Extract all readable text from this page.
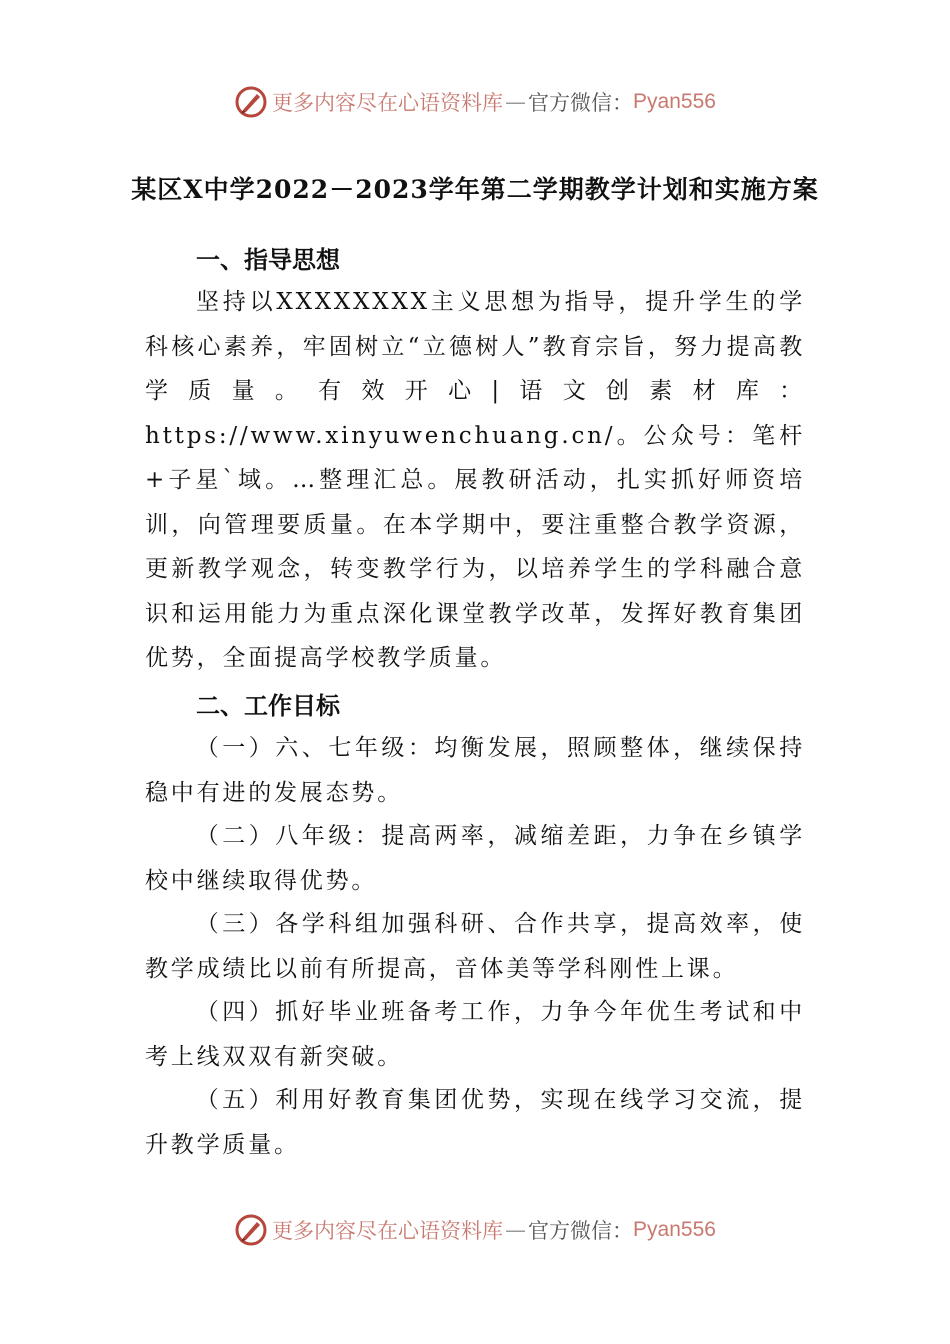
更多内容尽在心语资料库 — 官方微信： Pyan556
某区X中学2022－2023学年第二学期教学计划和实施方案
一、指导思想
坚持以XXXXXXXX主义思想为指导，提升学生的学科核心素养，牢固树立“立德树人”教育宗旨，努力提高教学质量。有效开心|语文创素材库：https://www.xinyuwenchuang.cn/。公众号：笔杆+子星`域。…整理汇总。展教研活动，扎实抓好师资培训，向管理要质量。在本学期中，要注重整合教学资源，更新教学观念，转变教学行为，以培养学生的学科融合意识和运用能力为重点深化课堂教学改革，发挥好教育集团优势，全面提高学校教学质量。
二、工作目标
（一）六、七年级：均衡发展，照顾整体，继续保持稳中有进的发展态势。
（二）八年级：提高两率，减缩差距，力争在乡镇学校中继续取得优势。
（三）各学科组加强科研、合作共享，提高效率，使教学成绩比以前有所提高，音体美等学科刚性上课。
（四）抓好毕业班备考工作，力争今年优生考试和中考上线双双有新突破。
（五）利用好教育集团优势，实现在线学习交流，提升教学质量。
更多内容尽在心语资料库 — 官方微信： Pyan556
